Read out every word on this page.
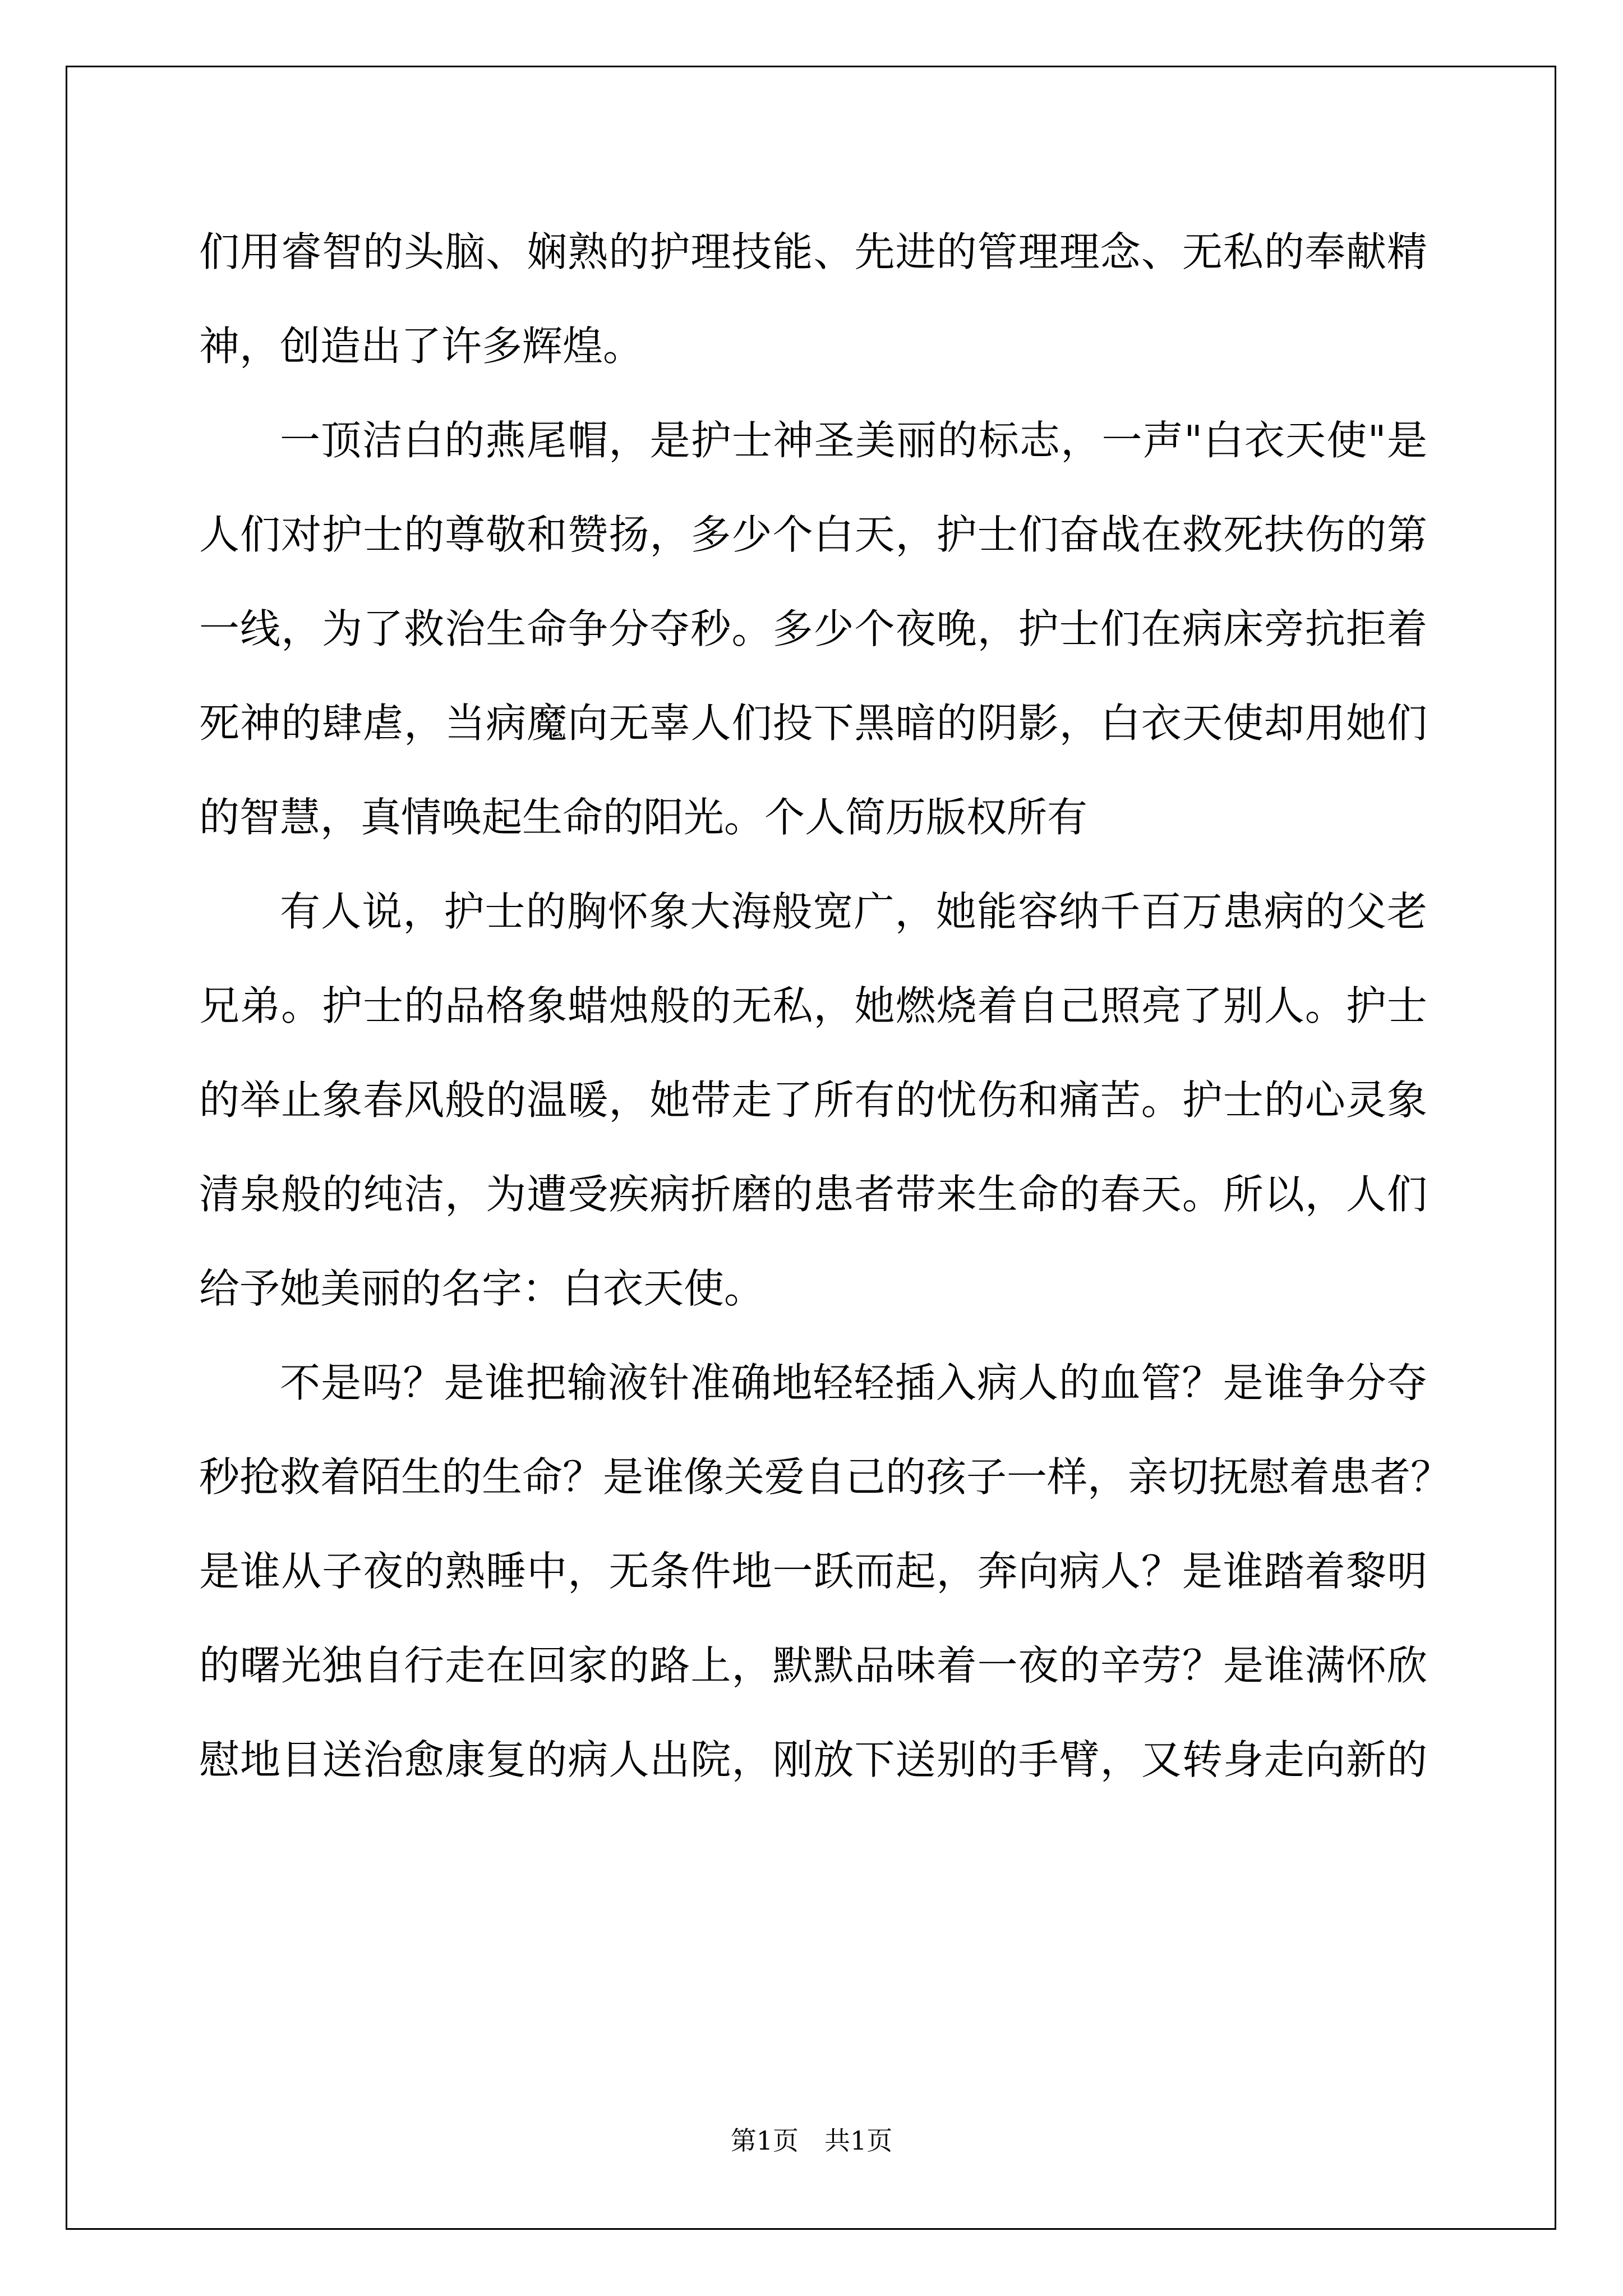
们用睿智的头脑、娴熟的护理技能、先进的管理理念、无私的奉献精
神，创造出了许多辉煌。
一顶洁白的燕尾帽，是护士神圣美丽的标志，一声"白衣天使"是
人们对护士的尊敬和赞扬，多少个白天，护士们奋战在救死扶伤的第
一线，为了救治生命争分夺秒。多少个夜晚，护士们在病床旁抗拒着
死神的肆虐，当病魔向无辜人们投下黑暗的阴影，白衣天使却用她们
的智慧，真情唤起生命的阳光。个人简历版权所有
有人说，护士的胸怀象大海般宽广，她能容纳千百万患病的父老
兄弟。护士的品格象蜡烛般的无私，她燃烧着自己照亮了别人。护士
的举止象春风般的温暖，她带走了所有的忧伤和痛苦。护士的心灵象
清泉般的纯洁，为遭受疾病折磨的患者带来生命的春天。所以，人们
给予她美丽的名字：白衣天使。
不是吗？是谁把输液针准确地轻轻插入病人的血管？是谁争分夺
秒抢救着陌生的生命？是谁像关爱自己的孩子一样，亲切抚慰着患者？
是谁从子夜的熟睡中，无条件地一跃而起，奔向病人？是谁踏着黎明
的曙光独自行走在回家的路上，默默品味着一夜的辛劳？是谁满怀欣
慰地目送治愈康复的病人出院，刚放下送别的手臂，又转身走向新的
第1页 共1页
